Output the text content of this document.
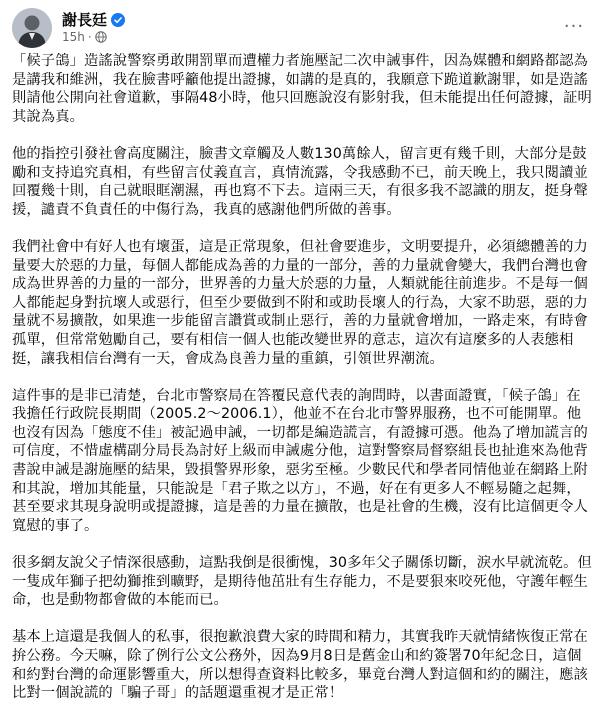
謝長廷
15h ·
···

「候子鴿」造謠說警察勇敢開罰單而遭權力者施壓記二次申誡事件，因為媒體和網路都認為是講我和維洲，我在臉書呼籲他提出證據，如講的是真的，我願意下跪道歉謝罪，如是造謠則請他公開向社會道歉，事隔48小時，他只回應說沒有影射我，但未能提出任何證據，証明其說為真。

他的指控引發社會高度關注，臉書文章觸及人數130萬餘人，留言更有幾千則，大部分是鼓勵和支持追究真相，有些留言仗義直言，真情流露，令我感動不已，前天晚上，我只閱讀並回覆幾十則，自己就眼眶潮濕，再也寫不下去。這兩三天，有很多我不認識的朋友，挺身聲援，譴責不負責任的中傷行為，我真的感謝他們所做的善事。

我們社會中有好人也有壞蛋，這是正常現象，但社會要進步，文明要提升，必須總體善的力量要大於惡的力量，每個人都能成為善的力量的一部分，善的力量就會變大，我們台灣也會成為世界善的力量的一部分，世界善的力量大於惡的力量，人類就能往前進步。不是每一個人都能起身對抗壞人或惡行，但至少要做到不附和或助長壞人的行為，大家不助惡，惡的力量就不易擴散，如果進一步能留言讚賞或制止惡行，善的力量就會增加，一路走來，有時會孤單，但常常勉勵自己，要有相信一個人也能改變世界的意志，這次有這麼多的人表態相挺，讓我相信台灣有一天，會成為良善力量的重鎮，引領世界潮流。

這件事的是非已清楚，台北市警察局在答覆民意代表的詢問時，以書面證實，「候子鴿」在我擔任行政院長期間（2005.2～2006.1），他並不在台北市警界服務，也不可能開單。他也沒有因為「態度不佳」被記過申誡，一切都是編造謊言，有證據可憑。他為了增加謊言的可信度，不惜虛構副分局長為討好上級而申誡處分他，這對警察局督察組長也扯進來為他背書說申誡是謝施壓的結果，毀損警界形象，惡劣至極。少數民代和學者同情他並在網路上附和其說，增加其能量，只能說是「君子欺之以方」，不過，好在有更多人不輕易隨之起舞，甚至要求其現身說明或提證據，這是善的力量在擴散，也是社會的生機，沒有比這個更令人寬慰的事了。

很多網友說父子情深很感動，這點我倒是很衝愧，30多年父子關係切斷，淚水早就流乾。但一隻成年獅子把幼獅推到曠野，是期待他茁壯有生存能力，不是要狠來咬死他，守護年輕生命，也是動物都會做的本能而已。

基本上這還是我個人的私事，很抱歉浪費大家的時間和精力，其實我昨天就情緒恢復正常在拚公務。今天嘛，除了例行公文公務外，因為9月8日是舊金山和約簽署70年紀念日，這個和約對台灣的命運影響重大，所以想得查資料比較多，畢竟台灣人對這個和約的關注，應該比對一個說謊的「騙子哥」的話題還重視才是正常！
